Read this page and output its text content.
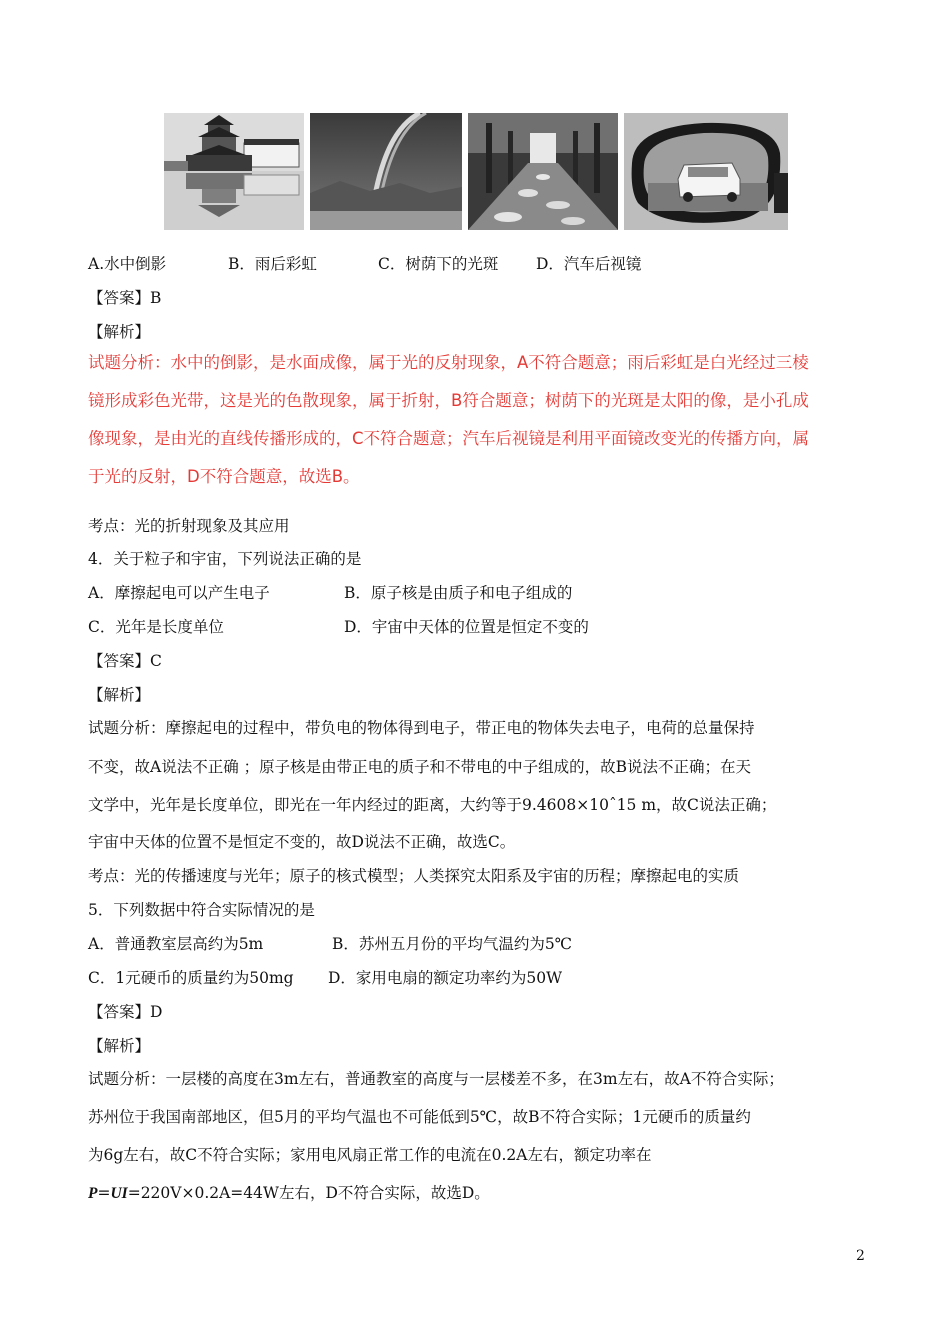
A.水中倒影	B．雨后彩虹	C．树荫下的光斑 D．汽车后视镜
【答案】B
【解析】
试题分析：水中的倒影，是水面成像，属于光的反射现象，A不符合题意；雨后彩虹是白光经过三棱
镜形成彩色光带，这是光的色散现象，属于折射，B符合题意；树荫下的光斑是太阳的像，是小孔成
像现象，是由光的直线传播形成的，C不符合题意；汽车后视镜是利用平面镜改变光的传播方向，属
于光的反射，D不符合题意，故选B。
考点：光的折射现象及其应用
4．关于粒子和宇宙，下列说法正确的是
A．摩擦起电可以产生电子	B．原子核是由质子和电子组成的
C．光年是长度单位	D．宇宙中天体的位置是恒定不变的
【答案】C
【解析】
试题分析：摩擦起电的过程中，带负电的物体得到电子，带正电的物体失去电子，电荷的总量保持
不变，故A说法不正确 ；原子核是由带正电的质子和不带电的中子组成的，故B说法不正确；在天
文学中，光年是长度单位，即光在一年内经过的距离，大约等于9.4608×10ˆ15 m，故C说法正确；
宇宙中天体的位置不是恒定不变的，故D说法不正确，故选C。
考点：光的传播速度与光年；原子的核式模型；人类探究太阳系及宇宙的历程；摩擦起电的实质
5．下列数据中符合实际情况的是
A．普通教室层高约为5m	B．苏州五月份的平均气温约为5℃
C．1元硬币的质量约为50mg D．家用电扇的额定功率约为50W
【答案】D
【解析】
试题分析：一层楼的高度在3m左右，普通教室的高度与一层楼差不多，在3m左右，故A不符合实际；
苏州位于我国南部地区，但5月的平均气温也不可能低到5℃，故B不符合实际；1元硬币的质量约
为6g左右，故C不符合实际；家用电风扇正常工作的电流在0.2A左右，额定功率在
P=UI=220V×0.2A=44W左右，D不符合实际，故选D。
2
